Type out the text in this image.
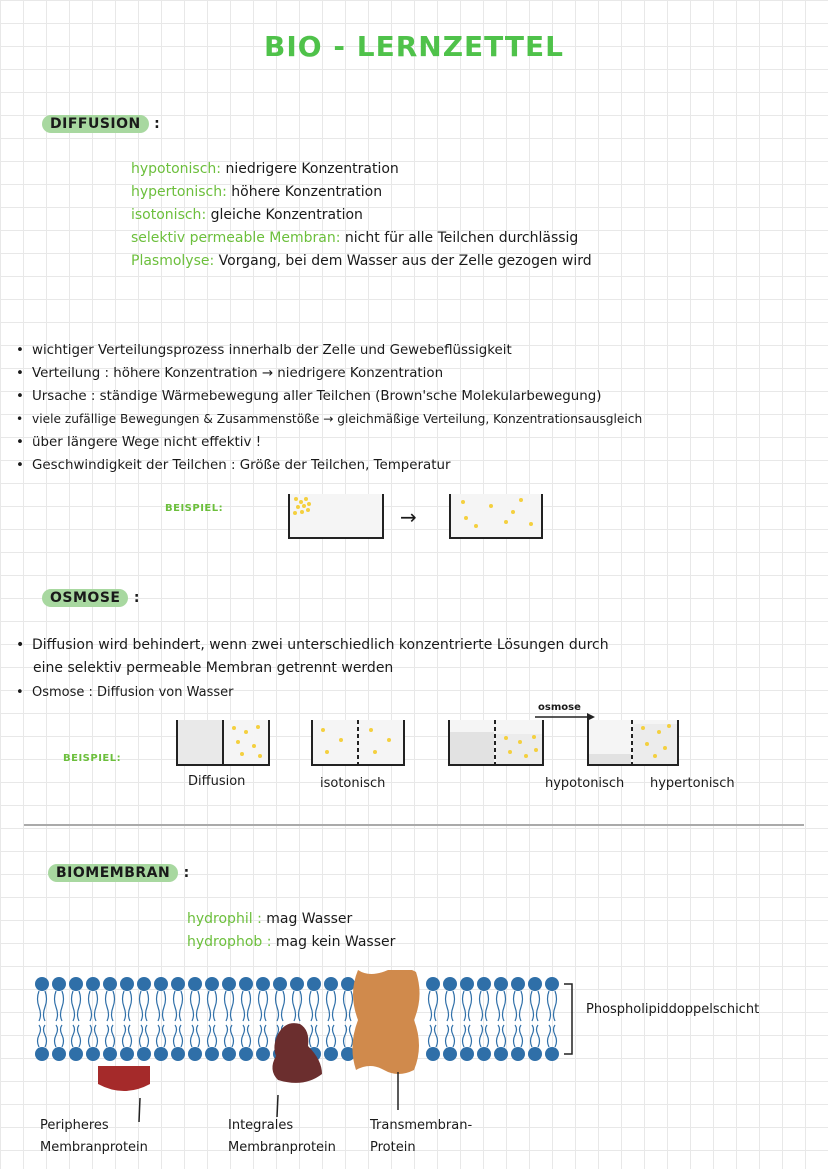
BIO - LERNZETTEL
DIFFUSION :
hypotonisch: niedrigere Konzentration
hypertonisch: höhere Konzentration
isotonisch: gleiche Konzentration
selektiv permeable Membran: nicht für alle Teilchen durchlässig
Plasmolyse: Vorgang, bei dem Wasser aus der Zelle gezogen wird
• wichtiger Verteilungsprozess innerhalb der Zelle und Gewebeflüssigkeit
• Verteilung : höhere Konzentration → niedrigere Konzentration
• Ursache : ständige Wärmebewegung aller Teilchen (Brown'sche Molekularbewegung)
• viele zufällige Bewegungen & Zusammenstöße → gleichmäßige Verteilung, Konzentrationsausgleich
• über längere Wege nicht effektiv !
• Geschwindigkeit der Teilchen : Größe der Teilchen, Temperatur
BEISPIEL:	→
OSMOSE :
• Diffusion wird behindert, wenn zwei unterschiedlich konzentrierte Lösungen durch
eine selektiv permeable Membran getrennt werden
• Osmose : Diffusion von Wasser
BEISPIEL:
Diffusion	isotonisch
osmose
hypotonisch hypertonisch
BIOMEMBRAN :
hydrophil : mag Wasser
hydrophob : mag kein Wasser
Phospholipiddoppelschicht
Peripheres
Membranprotein
Integrales
Membranprotein
Transmembran-
Protein
